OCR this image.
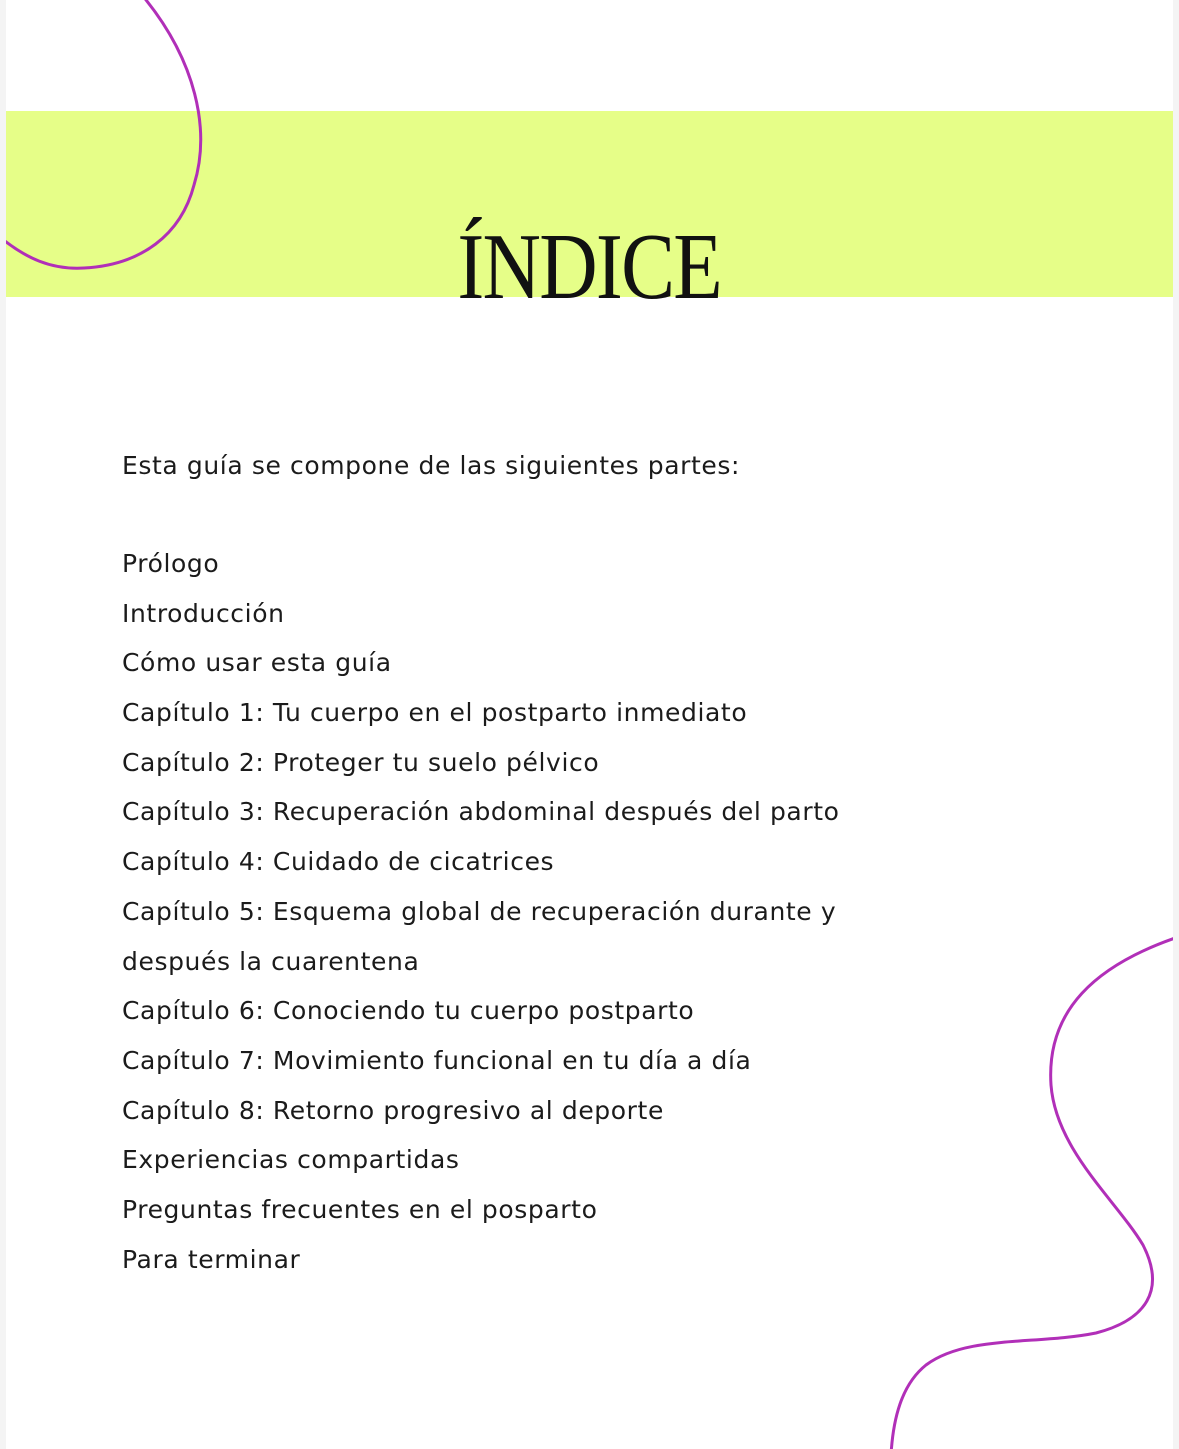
ÍNDICE

Esta guía se compone de las siguientes partes:

Prólogo
Introducción
Cómo usar esta guía
Capítulo 1: Tu cuerpo en el postparto inmediato
Capítulo 2: Proteger tu suelo pélvico
Capítulo 3: Recuperación abdominal después del parto
Capítulo 4: Cuidado de cicatrices
Capítulo 5: Esquema global de recuperación durante y
después la cuarentena
Capítulo 6: Conociendo tu cuerpo postparto
Capítulo 7: Movimiento funcional en tu día a día
Capítulo 8: Retorno progresivo al deporte
Experiencias compartidas
Preguntas frecuentes en el posparto
Para terminar
